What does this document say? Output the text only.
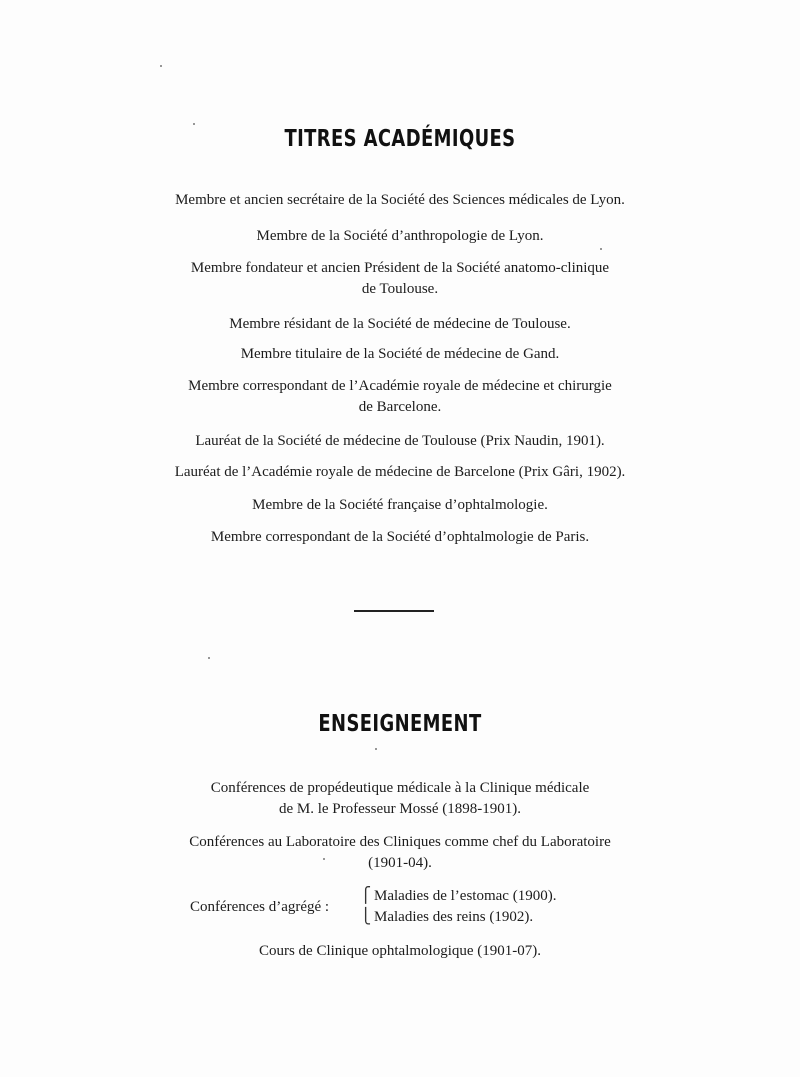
TITRES ACADÉMIQUES
Membre et ancien secrétaire de la Société des Sciences médicales de Lyon.
Membre de la Société d’anthropologie de Lyon.
Membre fondateur et ancien Président de la Société anatomo-clinique
de Toulouse.
Membre résidant de la Société de médecine de Toulouse.
Membre titulaire de la Société de médecine de Gand.
Membre correspondant de l’Académie royale de médecine et chirurgie
de Barcelone.
Lauréat de la Société de médecine de Toulouse (Prix Naudin, 1901).
Lauréat de l’Académie royale de médecine de Barcelone (Prix Gâri, 1902).
Membre de la Société française d’ophtalmologie.
Membre correspondant de la Société d’ophtalmologie de Paris.
ENSEIGNEMENT
Conférences de propédeutique médicale à la Clinique médicale
de M. le Professeur Mossé (1898-1901).
Conférences au Laboratoire des Cliniques comme chef du Laboratoire
(1901-04).
Conférences d’agrégé :
⎧
⎩
Maladies de l’estomac (1900).
Maladies des reins (1902).
Cours de Clinique ophtalmologique (1901-07).
